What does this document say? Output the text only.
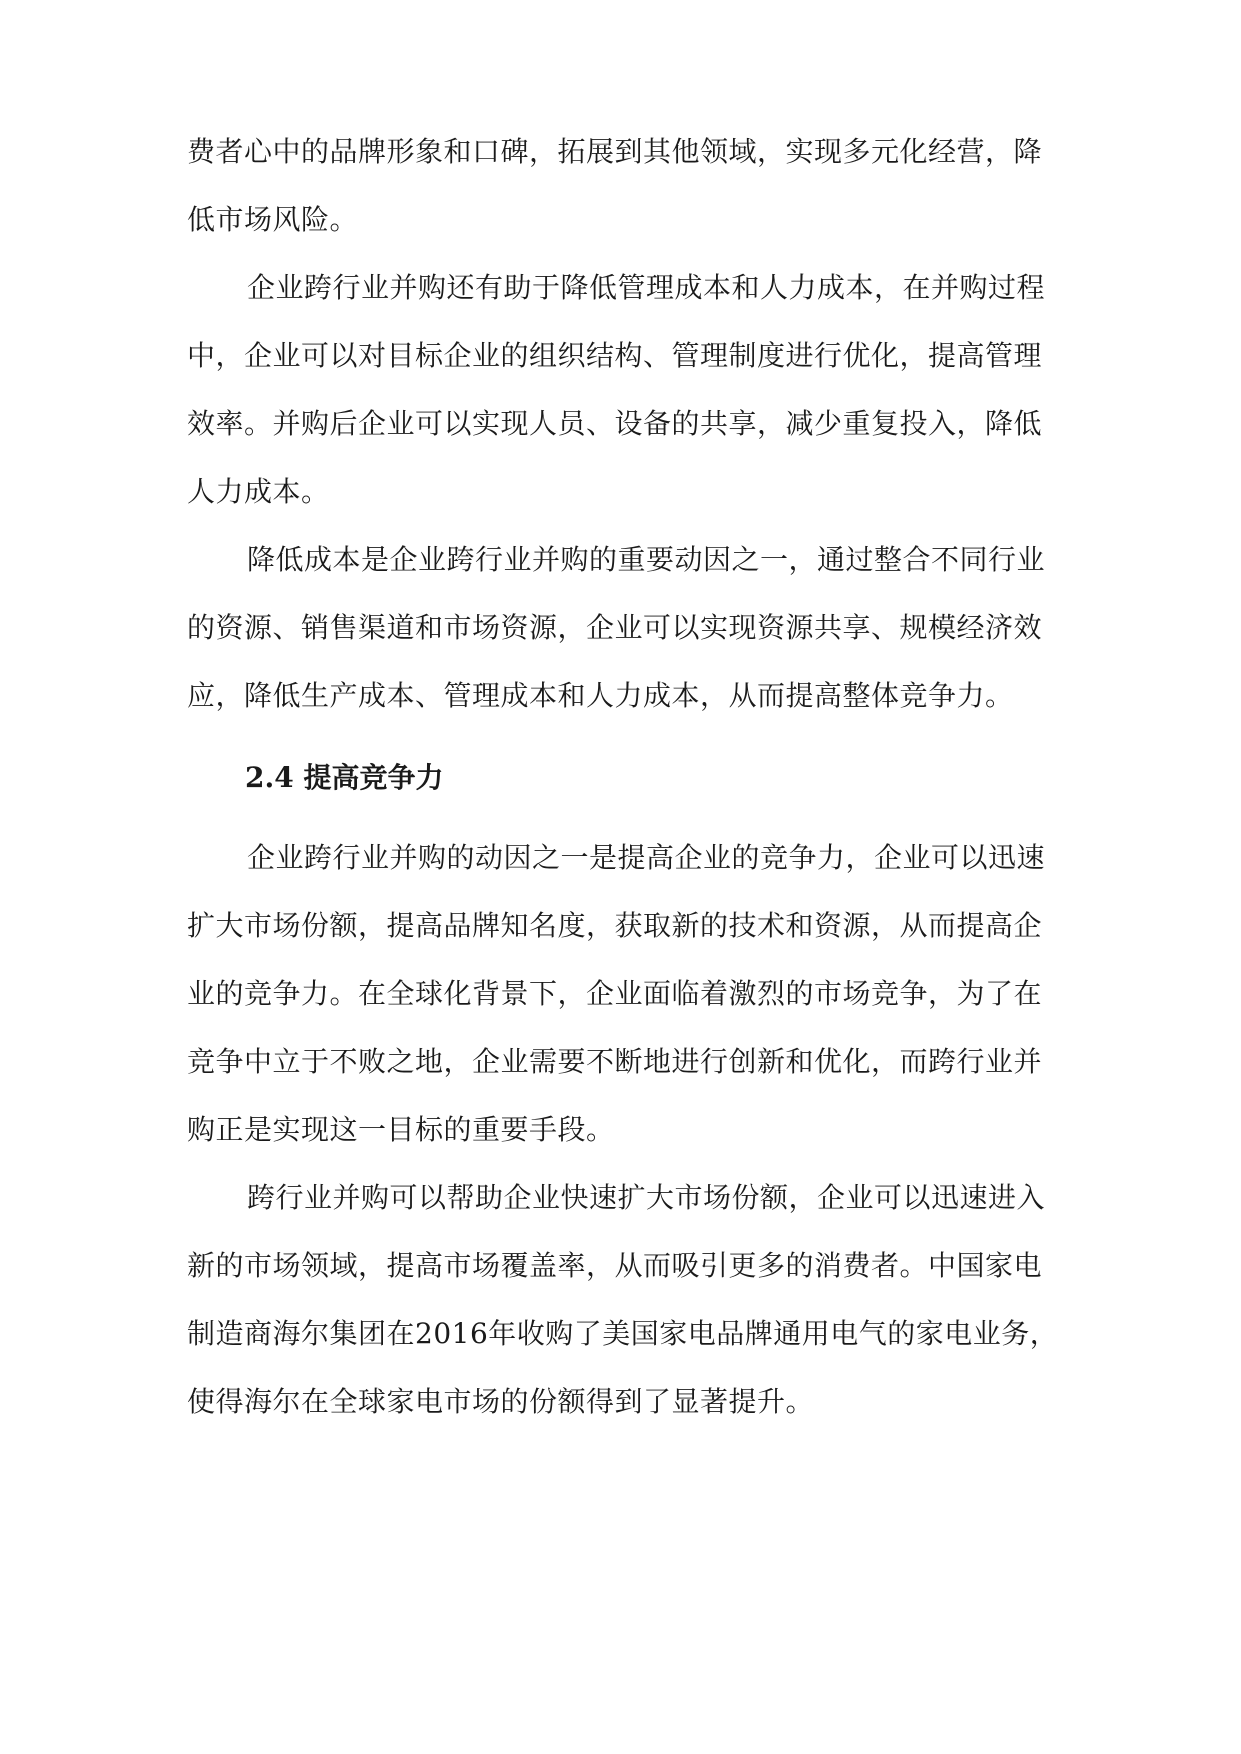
费者心中的品牌形象和口碑，拓展到其他领域，实现多元化经营，降
低市场风险。
企业跨行业并购还有助于降低管理成本和人力成本，在并购过程
中，企业可以对目标企业的组织结构、管理制度进行优化，提高管理
效率。并购后企业可以实现人员、设备的共享，减少重复投入，降低
人力成本。
降低成本是企业跨行业并购的重要动因之一，通过整合不同行业
的资源、销售渠道和市场资源，企业可以实现资源共享、规模经济效
应，降低生产成本、管理成本和人力成本，从而提高整体竞争力。
2.4 提高竞争力
企业跨行业并购的动因之一是提高企业的竞争力，企业可以迅速
扩大市场份额，提高品牌知名度，获取新的技术和资源，从而提高企
业的竞争力。在全球化背景下，企业面临着激烈的市场竞争，为了在
竞争中立于不败之地，企业需要不断地进行创新和优化，而跨行业并
购正是实现这一目标的重要手段。
跨行业并购可以帮助企业快速扩大市场份额，企业可以迅速进入
新的市场领域，提高市场覆盖率，从而吸引更多的消费者。中国家电
制造商海尔集团在2016年收购了美国家电品牌通用电气的家电业务，
使得海尔在全球家电市场的份额得到了显著提升。
